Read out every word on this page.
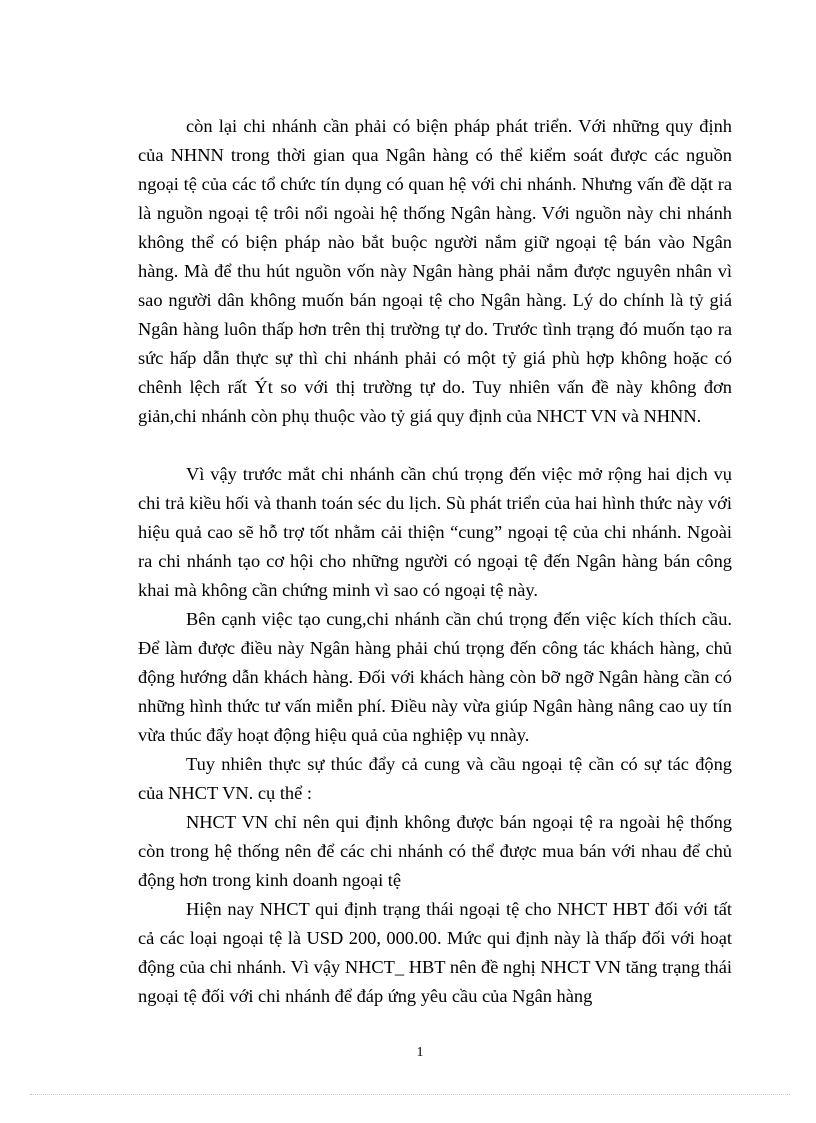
còn lại chi nhánh cần phải có biện pháp phát triển. Với những quy định của NHNN trong thời gian qua Ngân hàng có thể kiểm soát được các nguồn ngoại tệ của các tổ chức tín dụng có quan hệ với chi nhánh. Nhưng vấn đề dặt ra là nguồn ngoại tệ trôi nổi ngoài hệ thống Ngân hàng. Với nguồn này chi nhánh không thể có biện pháp nào bắt buộc người nắm giữ ngoại tệ bán vào Ngân hàng. Mà để thu hút nguồn vốn này Ngân hàng phải nắm được nguyên nhân vì sao người dân không muốn bán ngoại tệ cho Ngân hàng. Lý do chính là tỷ giá Ngân hàng luôn thấp hơn trên thị trường tự do. Trước tình trạng đó muốn tạo ra sức hấp dẫn thực sự thì chi nhánh phải có một tỷ giá phù hợp không hoặc có chênh lệch rất Ýt so với thị trường tự do. Tuy nhiên vấn đề này không đơn giản,chi nhánh còn phụ thuộc vào tỷ giá quy định của NHCT VN và NHNN.

Vì vậy trước mắt chi nhánh cần chú trọng đến việc mở rộng hai dịch vụ chi trả kiều hối và thanh toán séc du lịch. Sù phát triển của hai hình thức này với hiệu quả cao sẽ hỗ trợ tốt nhằm cải thiện “cung” ngoại tệ của chi nhánh. Ngoài ra chi nhánh tạo cơ hội cho những người có ngoại tệ đến Ngân hàng bán công khai mà không cần chứng minh vì sao có ngoại tệ này.

Bên cạnh việc tạo cung,chi nhánh cần chú trọng đến việc kích thích cầu. Để làm được điều này Ngân hàng phải chú trọng đến công tác khách hàng, chủ động hướng dẫn khách hàng. Đối với khách hàng còn bỡ ngỡ Ngân hàng cần có những hình thức tư vấn miễn phí. Điều này vừa giúp Ngân hàng nâng cao uy tín vừa thúc đẩy hoạt động hiệu quả của nghiệp vụ nnày.

Tuy nhiên thực sự thúc đẩy cả cung và cầu ngoại tệ cần có sự tác động của NHCT VN. cụ thể :

NHCT VN chỉ nên qui định không được bán ngoại tệ ra ngoài hệ thống còn trong hệ thống nên để các chi nhánh có thể được mua bán với nhau để chủ động hơn trong kinh doanh ngoại tệ

Hiện nay NHCT qui định trạng thái ngoại tệ cho NHCT HBT đối với tất cả các loại ngoại tệ là USD 200, 000.00. Mức qui định này là thấp đối với hoạt động của chi nhánh. Vì vậy NHCT_ HBT nên đề nghị NHCT VN tăng trạng thái ngoại tệ đối với chi nhánh để đáp ứng yêu cầu của Ngân hàng

1
